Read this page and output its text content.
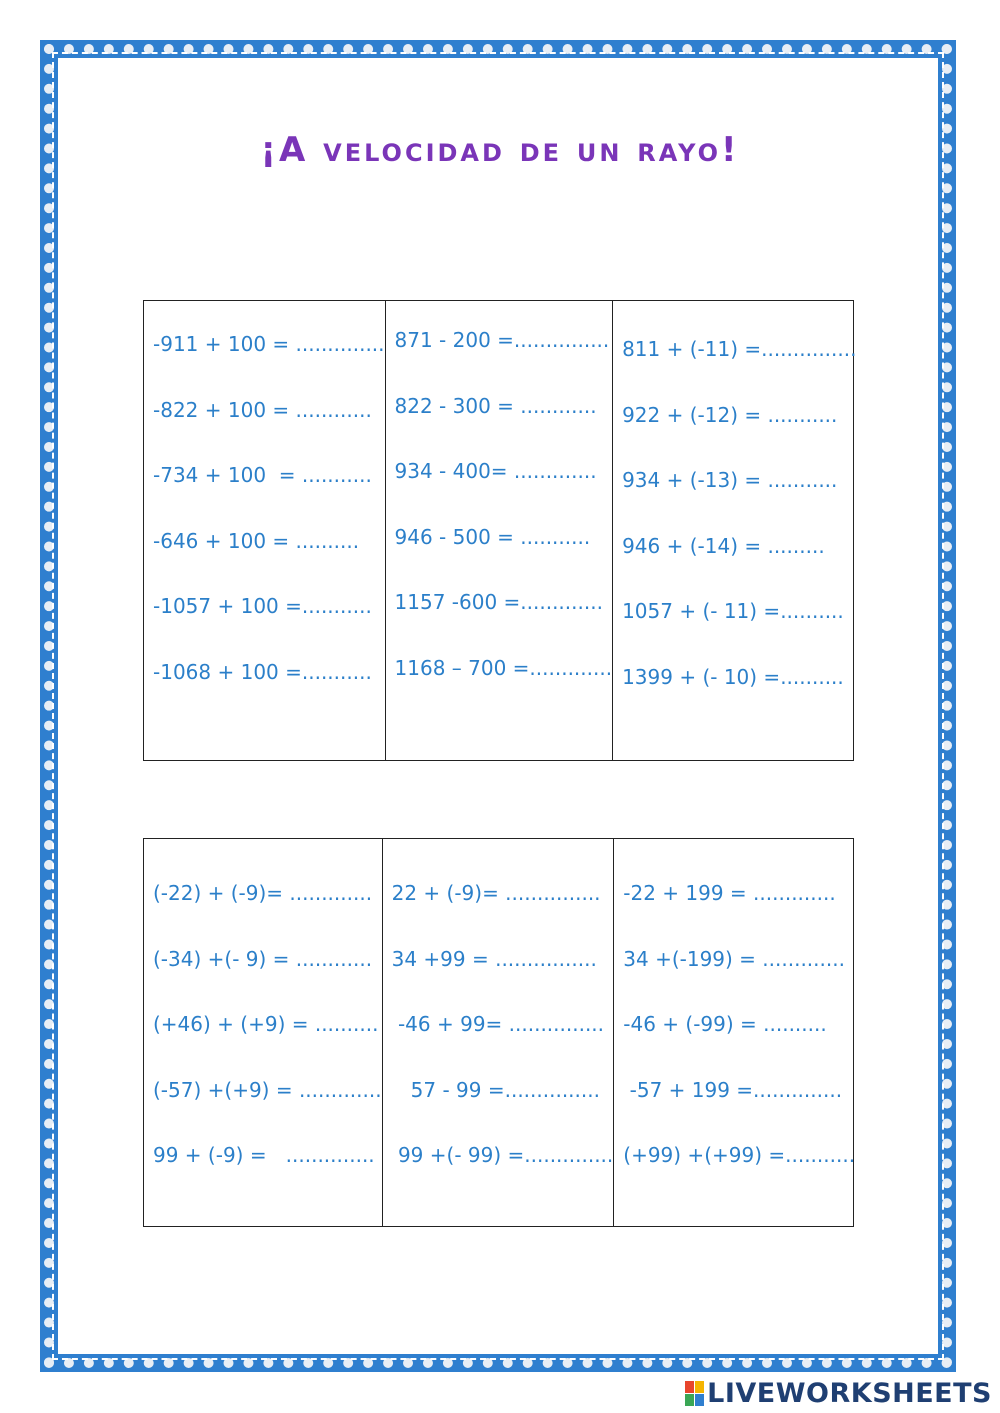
¡A velocidad de un rayo!
-911 + 100 = ..............
-822 + 100 = ............
-734 + 100  = ...........
-646 + 100 = ..........
-1057 + 100 =...........
-1068 + 100 =...........
871 - 200 =...............
822 - 300 = ............
934 - 400= .............
946 - 500 = ...........
1157 -600 =.............
1168 – 700 =.............
811 + (-11) =...............
922 + (-12) = ...........
934 + (-13) = ...........
946 + (-14) = .........
1057 + (- 11) =..........
1399 + (- 10) =..........
(-22) + (-9)= .............
(-34) +(- 9) = ............
(+46) + (+9) = ..........
(-57) +(+9) = .............
99 + (-9) =   ..............
22 + (-9)= ...............
34 +99 = ................
-46 + 99= ...............
57 - 99 =...............
99 +(- 99) =..............
-22 + 199 = .............
34 +(-199) = .............
-46 + (-99) = ..........
-57 + 199 =..............
(+99) +(+99) =...........
LIVEWORKSHEETS
